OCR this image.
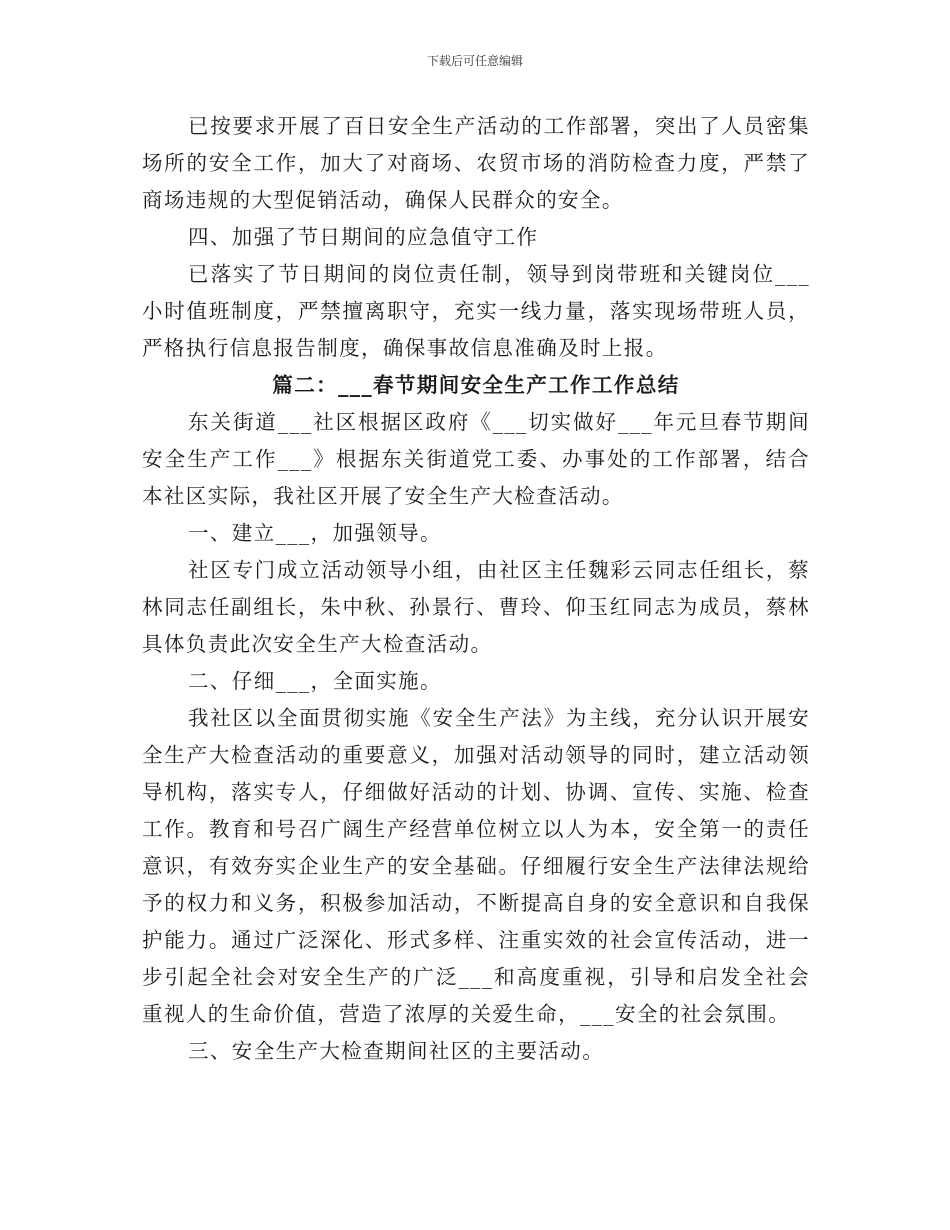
下载后可任意编辑

已按要求开展了百日安全生产活动的工作部署，突出了人员密集场所的安全工作，加大了对商场、农贸市场的消防检查力度，严禁了商场违规的大型促销活动，确保人民群众的安全。

四、加强了节日期间的应急值守工作

已落实了节日期间的岗位责任制，领导到岗带班和关键岗位___小时值班制度，严禁擅离职守，充实一线力量，落实现场带班人员，严格执行信息报告制度，确保事故信息准确及时上报。

篇二：___春节期间安全生产工作工作总结

东关街道___社区根据区政府《___切实做好___年元旦春节期间安全生产工作___》根据东关街道党工委、办事处的工作部署，结合本社区实际，我社区开展了安全生产大检查活动。

一、建立___，加强领导。

社区专门成立活动领导小组，由社区主任魏彩云同志任组长，蔡林同志任副组长，朱中秋、孙景行、曹玲、仰玉红同志为成员，蔡林具体负责此次安全生产大检查活动。

二、仔细___，全面实施。

我社区以全面贯彻实施《安全生产法》为主线，充分认识开展安全生产大检查活动的重要意义，加强对活动领导的同时，建立活动领导机构，落实专人，仔细做好活动的计划、协调、宣传、实施、检查工作。教育和号召广阔生产经营单位树立以人为本，安全第一的责任意识，有效夯实企业生产的安全基础。仔细履行安全生产法律法规给予的权力和义务，积极参加活动，不断提高自身的安全意识和自我保护能力。通过广泛深化、形式多样、注重实效的社会宣传活动，进一步引起全社会对安全生产的广泛___和高度重视，引导和启发全社会重视人的生命价值，营造了浓厚的关爱生命，___安全的社会氛围。

三、安全生产大检查期间社区的主要活动。
